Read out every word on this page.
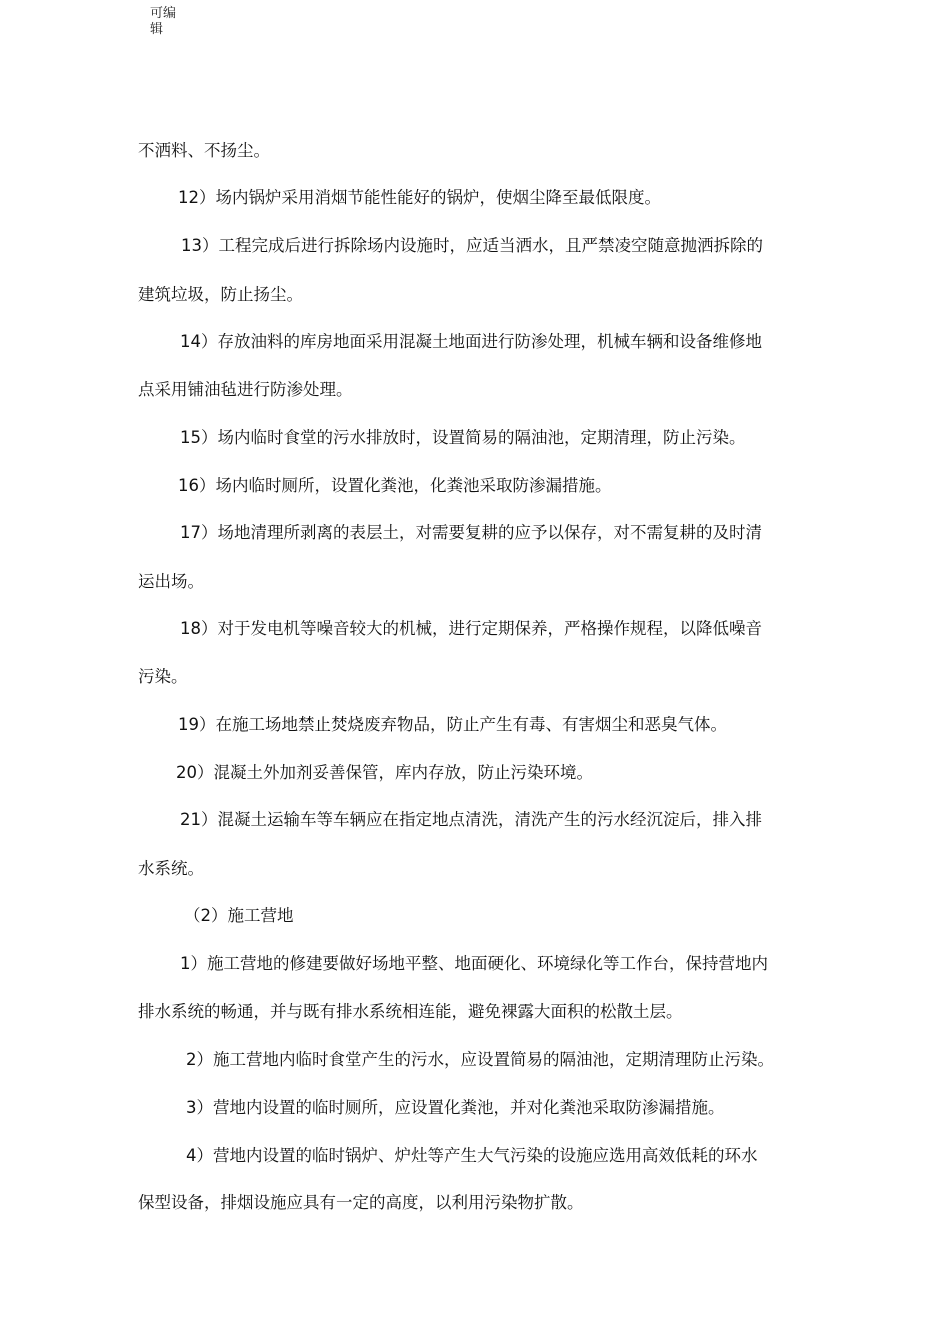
可编
辑
不洒料、不扬尘。
12）场内锅炉采用消烟节能性能好的锅炉，使烟尘降至最低限度。
13）工程完成后进行拆除场内设施时，应适当洒水，且严禁凌空随意抛洒拆除的
建筑垃圾，防止扬尘。
14）存放油料的库房地面采用混凝土地面进行防渗处理，机械车辆和设备维修地
点采用铺油毡进行防渗处理。
15）场内临时食堂的污水排放时，设置简易的隔油池，定期清理，防止污染。
16）场内临时厕所，设置化粪池，化粪池采取防渗漏措施。
17）场地清理所剥离的表层土，对需要复耕的应予以保存，对不需复耕的及时清
运出场。
18）对于发电机等噪音较大的机械，进行定期保养，严格操作规程，以降低噪音
污染。
19）在施工场地禁止焚烧废弃物品，防止产生有毒、有害烟尘和恶臭气体。
20）混凝土外加剂妥善保管，库内存放，防止污染环境。
21）混凝土运输车等车辆应在指定地点清洗，清洗产生的污水经沉淀后，排入排
水系统。
（2）施工营地
1）施工营地的修建要做好场地平整、地面硬化、环境绿化等工作台，保持营地内
排水系统的畅通，并与既有排水系统相连能，避免裸露大面积的松散土层。
2）施工营地内临时食堂产生的污水，应设置简易的隔油池，定期清理防止污染。
3）营地内设置的临时厕所，应设置化粪池，并对化粪池采取防渗漏措施。
4）营地内设置的临时锅炉、炉灶等产生大气污染的设施应选用高效低耗的环水
保型设备，排烟设施应具有一定的高度，以利用污染物扩散。
